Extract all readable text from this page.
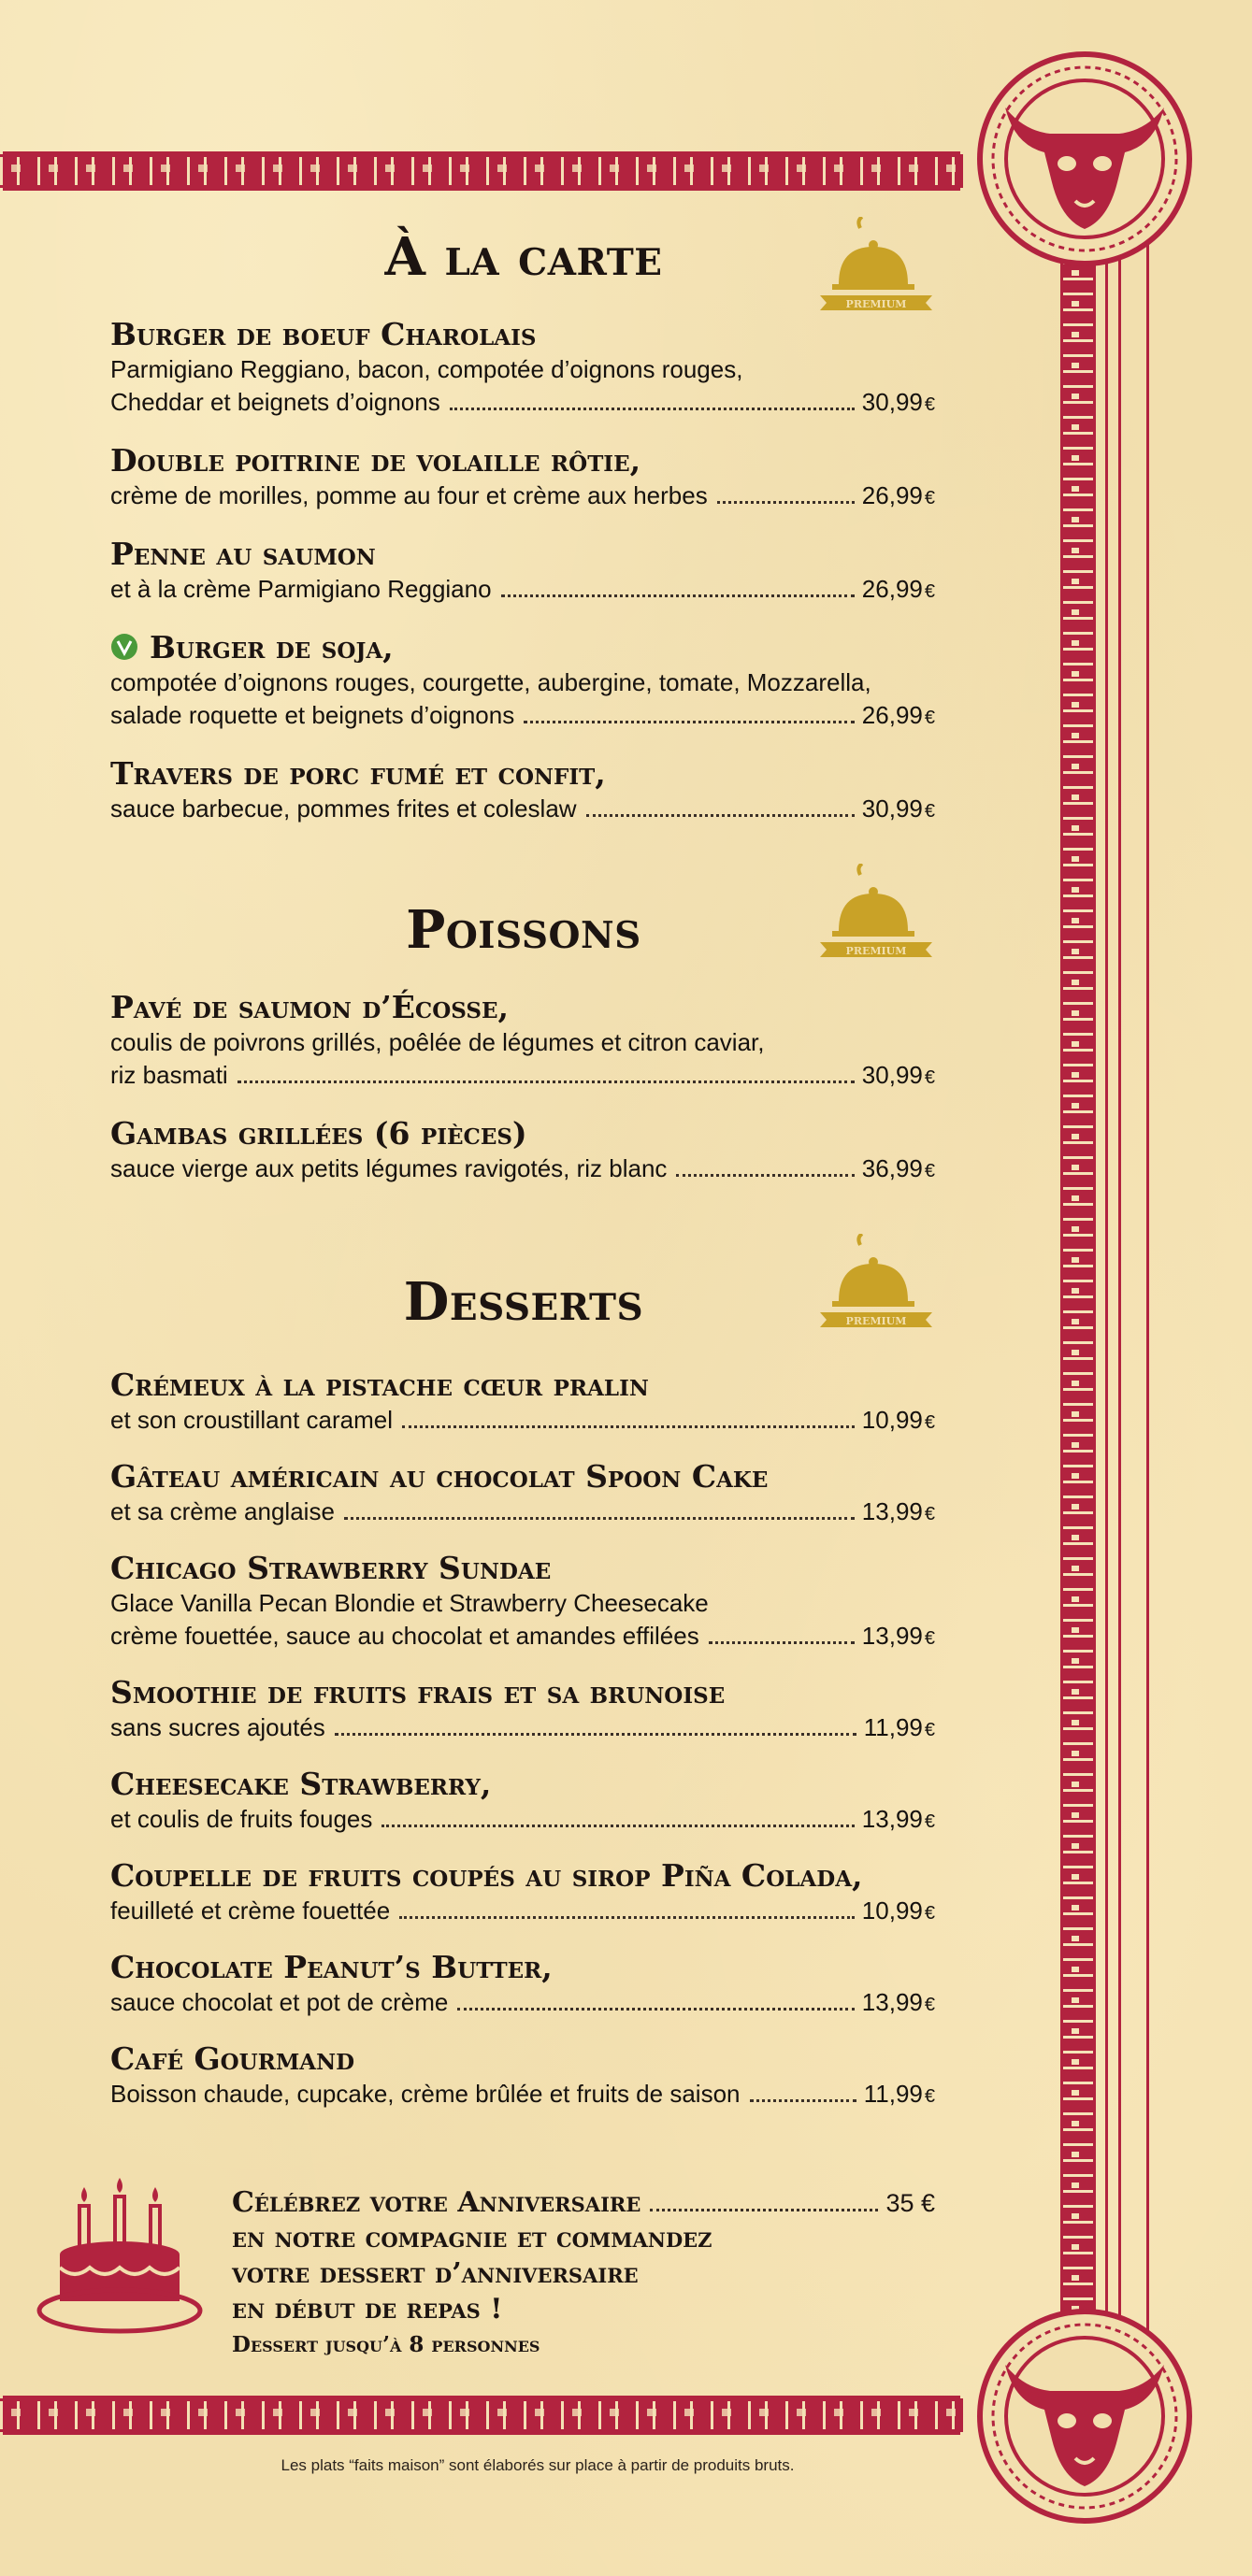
À la carte
PREMIUM
Burger de boeuf Charolais
Parmigiano Reggiano, bacon, compotée d’oignons rouges,
Cheddar et beignets d’oignons	30,99 €
Double poitrine de volaille rôtie,
crème de morilles, pomme au four et crème aux herbes	26,99 €
Penne au saumon
et à la crème Parmigiano Reggiano	26,99 €
Burger de soja,
compotée d’oignons rouges, courgette, aubergine, tomate, Mozzarella,
salade roquette et beignets d’oignons	26,99 €
Travers de porc fumé et confit,
sauce barbecue, pommes frites et coleslaw	30,99 €
Poissons	PREMIUM
Pavé de saumon d’Écosse,
coulis de poivrons grillés, poêlée de légumes et citron caviar,
riz basmati	30,99 €
Gambas grillées (6 pièces)
sauce vierge aux petits légumes ravigotés, riz blanc	36,99 €
Desserts	PREMIUM
Crémeux à la pistache cœur pralin
et son croustillant caramel	10,99 €
Gâteau américain au chocolat Spoon Cake
et sa crème anglaise	13,99 €
Chicago Strawberry Sundae
Glace Vanilla Pecan Blondie et Strawberry Cheesecake
crème fouettée, sauce au chocolat et amandes effilées	13,99 €
Smoothie de fruits frais et sa brunoise
sans sucres ajoutés	11,99 €
Cheesecake Strawberry,
et coulis de fruits fouges	13,99 €
Coupelle de fruits coupés au sirop Piña Colada,
feuilleté et crème fouettée	10,99 €
Chocolate Peanut’s Butter,
sauce chocolat et pot de crème	13,99 €
Café Gourmand
Boisson chaude, cupcake, crème brûlée et fruits de saison	11,99 €
Célébrez votre Anniversaire	35 €
en notre compagnie et commandez
votre dessert d’anniversaire
en début de repas !
Dessert jusqu’à 8 personnes

Les plats “faits maison” sont élaborés sur place à partir de produits bruts.
